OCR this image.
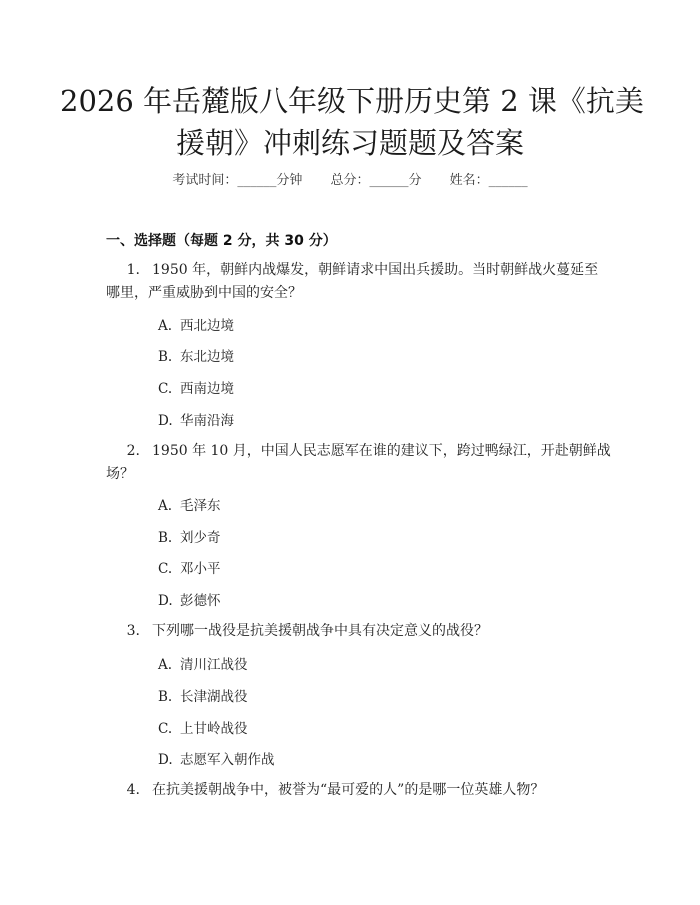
2026 年岳麓版八年级下册历史第 2 课《抗美
援朝》冲刺练习题题及答案
考试时间：______分钟 总分：______分 姓名：______
一、选择题（每题 2 分，共 30 分）
1. 1950 年，朝鲜内战爆发，朝鲜请求中国出兵援助。当时朝鲜战火蔓延至
哪里，严重威胁到中国的安全？
A. 西北边境
B. 东北边境
C. 西南边境
D. 华南沿海
2. 1950 年 10 月，中国人民志愿军在谁的建议下，跨过鸭绿江，开赴朝鲜战
场？
A. 毛泽东
B. 刘少奇
C. 邓小平
D. 彭德怀
3. 下列哪一战役是抗美援朝战争中具有决定意义的战役？
A. 清川江战役
B. 长津湖战役
C. 上甘岭战役
D. 志愿军入朝作战
4. 在抗美援朝战争中，被誉为“最可爱的人”的是哪一位英雄人物？
